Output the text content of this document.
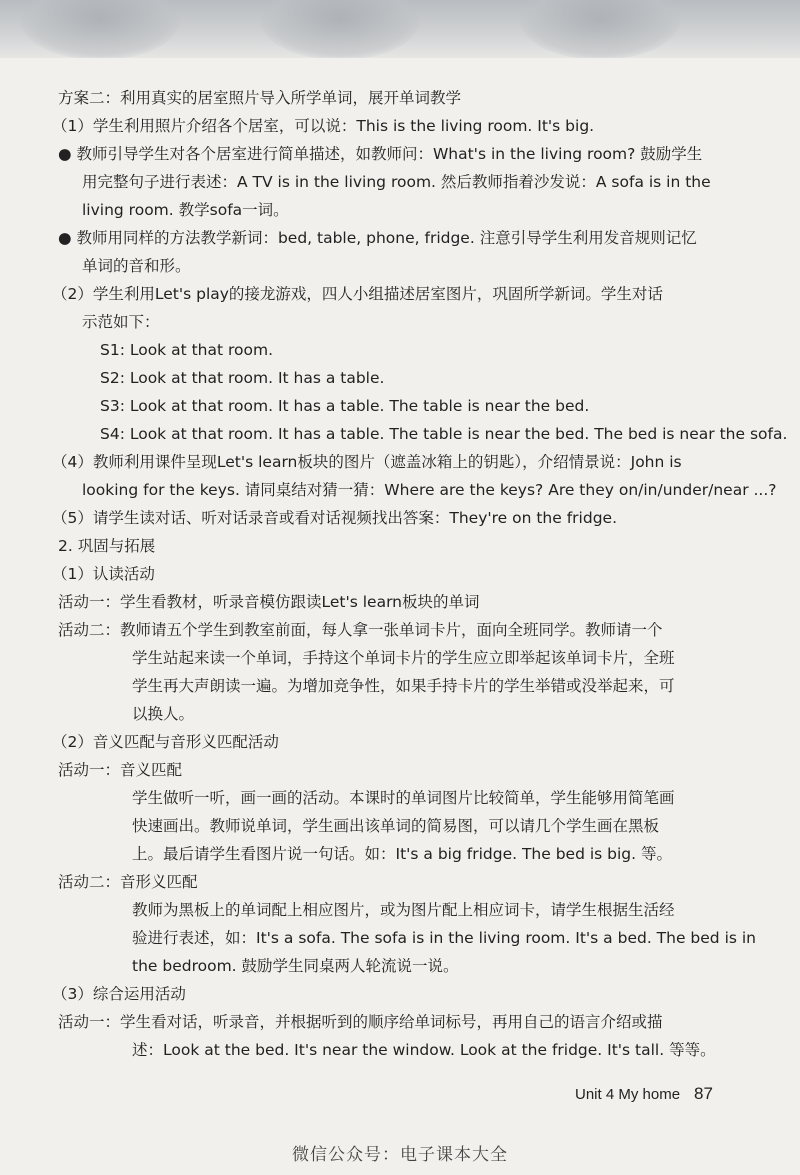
方案二：利用真实的居室照片导入所学单词，展开单词教学
（1）学生利用照片介绍各个居室，可以说：This is the living room. It's big.
● 教师引导学生对各个居室进行简单描述，如教师问：What's in the living room? 鼓励学生
用完整句子进行表述：A TV is in the living room. 然后教师指着沙发说：A sofa is in the
living room. 教学sofa一词。
● 教师用同样的方法教学新词：bed, table, phone, fridge. 注意引导学生利用发音规则记忆
单词的音和形。
（2）学生利用Let's play的接龙游戏，四人小组描述居室图片，巩固所学新词。学生对话
示范如下：
S1: Look at that room.
S2: Look at that room. It has a table.
S3: Look at that room. It has a table. The table is near the bed.
S4: Look at that room. It has a table. The table is near the bed. The bed is near the sofa.
（4）教师利用课件呈现Let's learn板块的图片（遮盖冰箱上的钥匙），介绍情景说：John is
looking for the keys. 请同桌结对猜一猜：Where are the keys? Are they on/in/under/near ...?
（5）请学生读对话、听对话录音或看对话视频找出答案：They're on the fridge.
2. 巩固与拓展
（1）认读活动
活动一：学生看教材，听录音模仿跟读Let's learn板块的单词
活动二：教师请五个学生到教室前面，每人拿一张单词卡片，面向全班同学。教师请一个
学生站起来读一个单词，手持这个单词卡片的学生应立即举起该单词卡片，全班
学生再大声朗读一遍。为增加竞争性，如果手持卡片的学生举错或没举起来，可
以换人。
（2）音义匹配与音形义匹配活动
活动一：音义匹配
学生做听一听，画一画的活动。本课时的单词图片比较简单，学生能够用简笔画
快速画出。教师说单词，学生画出该单词的简易图，可以请几个学生画在黑板
上。最后请学生看图片说一句话。如：It's a big fridge. The bed is big. 等。
活动二：音形义匹配
教师为黑板上的单词配上相应图片，或为图片配上相应词卡，请学生根据生活经
验进行表述，如：It's a sofa. The sofa is in the living room. It's a bed. The bed is in
the bedroom. 鼓励学生同桌两人轮流说一说。
（3）综合运用活动
活动一：学生看对话，听录音，并根据听到的顺序给单词标号，再用自己的语言介绍或描
述：Look at the bed. It's near the window. Look at the fridge. It's tall. 等等。
Unit 4 My home 87
微信公众号：电子课本大全
